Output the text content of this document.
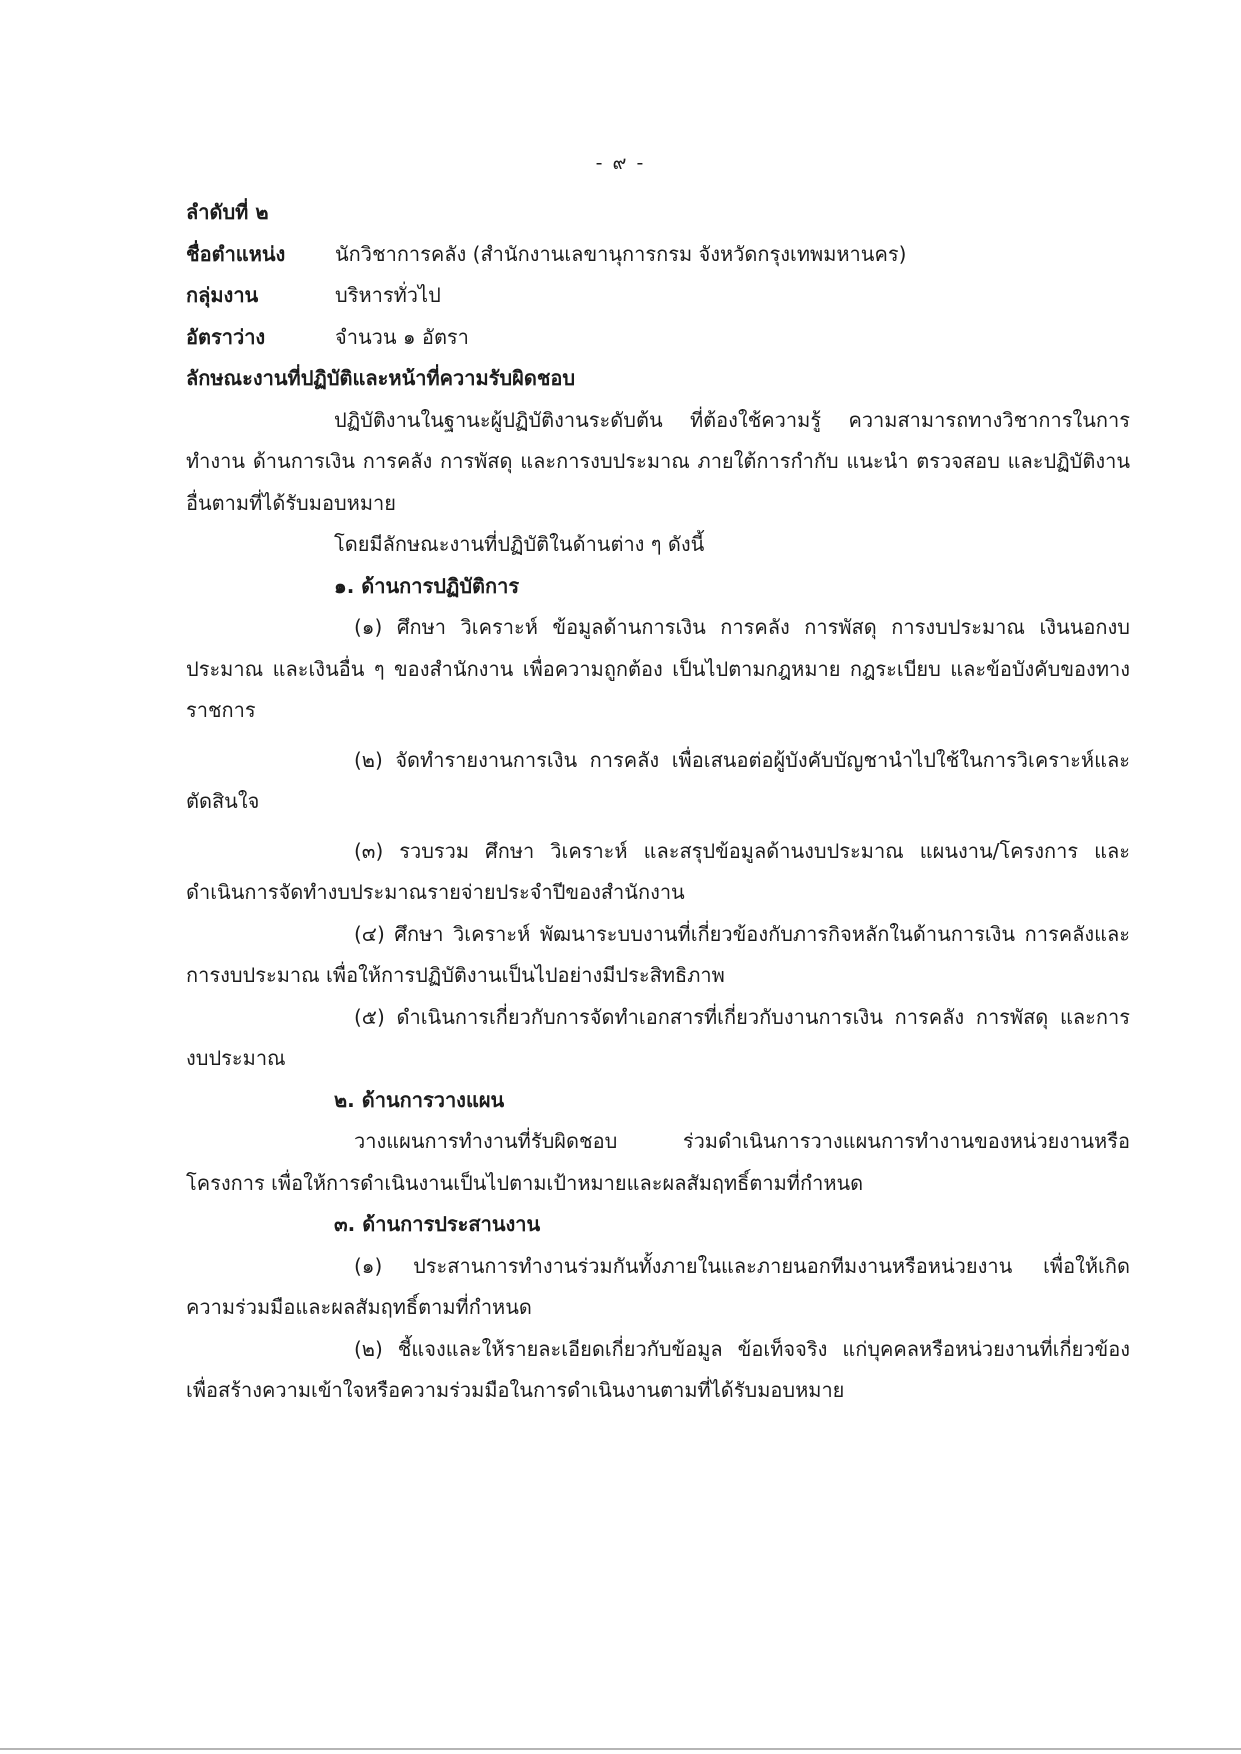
- ๙ -
ลำดับที่ ๒
ชื่อตำแหน่ง	นักวิชาการคลัง (สำนักงานเลขานุการกรม จังหวัดกรุงเทพมหานคร)
กลุ่มงาน	บริหารทั่วไป
อัตราว่าง	จำนวน ๑ อัตรา
ลักษณะงานที่ปฏิบัติและหน้าที่ความรับผิดชอบ
ปฏิบัติงานในฐานะผู้ปฏิบัติงานระดับต้น ที่ต้องใช้ความรู้ ความสามารถทางวิชาการในการทำงาน ด้านการเงิน การคลัง การพัสดุ และการงบประมาณ ภายใต้การกำกับ แนะนำ ตรวจสอบ และปฏิบัติงานอื่นตามที่ได้รับมอบหมาย
โดยมีลักษณะงานที่ปฏิบัติในด้านต่าง ๆ ดังนี้
๑. ด้านการปฏิบัติการ
(๑) ศึกษา วิเคราะห์ ข้อมูลด้านการเงิน การคลัง การพัสดุ การงบประมาณ เงินนอกงบประมาณ และเงินอื่น ๆ ของสำนักงาน เพื่อความถูกต้อง เป็นไปตามกฎหมาย กฎระเบียบ และข้อบังคับของทางราชการ
(๒) จัดทำรายงานการเงิน การคลัง เพื่อเสนอต่อผู้บังคับบัญชานำไปใช้ในการวิเคราะห์และตัดสินใจ
(๓) รวบรวม ศึกษา วิเคราะห์ และสรุปข้อมูลด้านงบประมาณ แผนงาน/โครงการ และดำเนินการจัดทำงบประมาณรายจ่ายประจำปีของสำนักงาน
(๔) ศึกษา วิเคราะห์ พัฒนาระบบงานที่เกี่ยวข้องกับภารกิจหลักในด้านการเงิน การคลังและการงบประมาณ เพื่อให้การปฏิบัติงานเป็นไปอย่างมีประสิทธิภาพ
(๕) ดำเนินการเกี่ยวกับการจัดทำเอกสารที่เกี่ยวกับงานการเงิน การคลัง การพัสดุ และการงบประมาณ
๒. ด้านการวางแผน
วางแผนการทำงานที่รับผิดชอบ ร่วมดำเนินการวางแผนการทำงานของหน่วยงานหรือโครงการ เพื่อให้การดำเนินงานเป็นไปตามเป้าหมายและผลสัมฤทธิ์ตามที่กำหนด
๓. ด้านการประสานงาน
(๑) ประสานการทำงานร่วมกันทั้งภายในและภายนอกทีมงานหรือหน่วยงาน เพื่อให้เกิดความร่วมมือและผลสัมฤทธิ์ตามที่กำหนด
(๒) ชี้แจงและให้รายละเอียดเกี่ยวกับข้อมูล ข้อเท็จจริง แก่บุคคลหรือหน่วยงานที่เกี่ยวข้องเพื่อสร้างความเข้าใจหรือความร่วมมือในการดำเนินงานตามที่ได้รับมอบหมาย
